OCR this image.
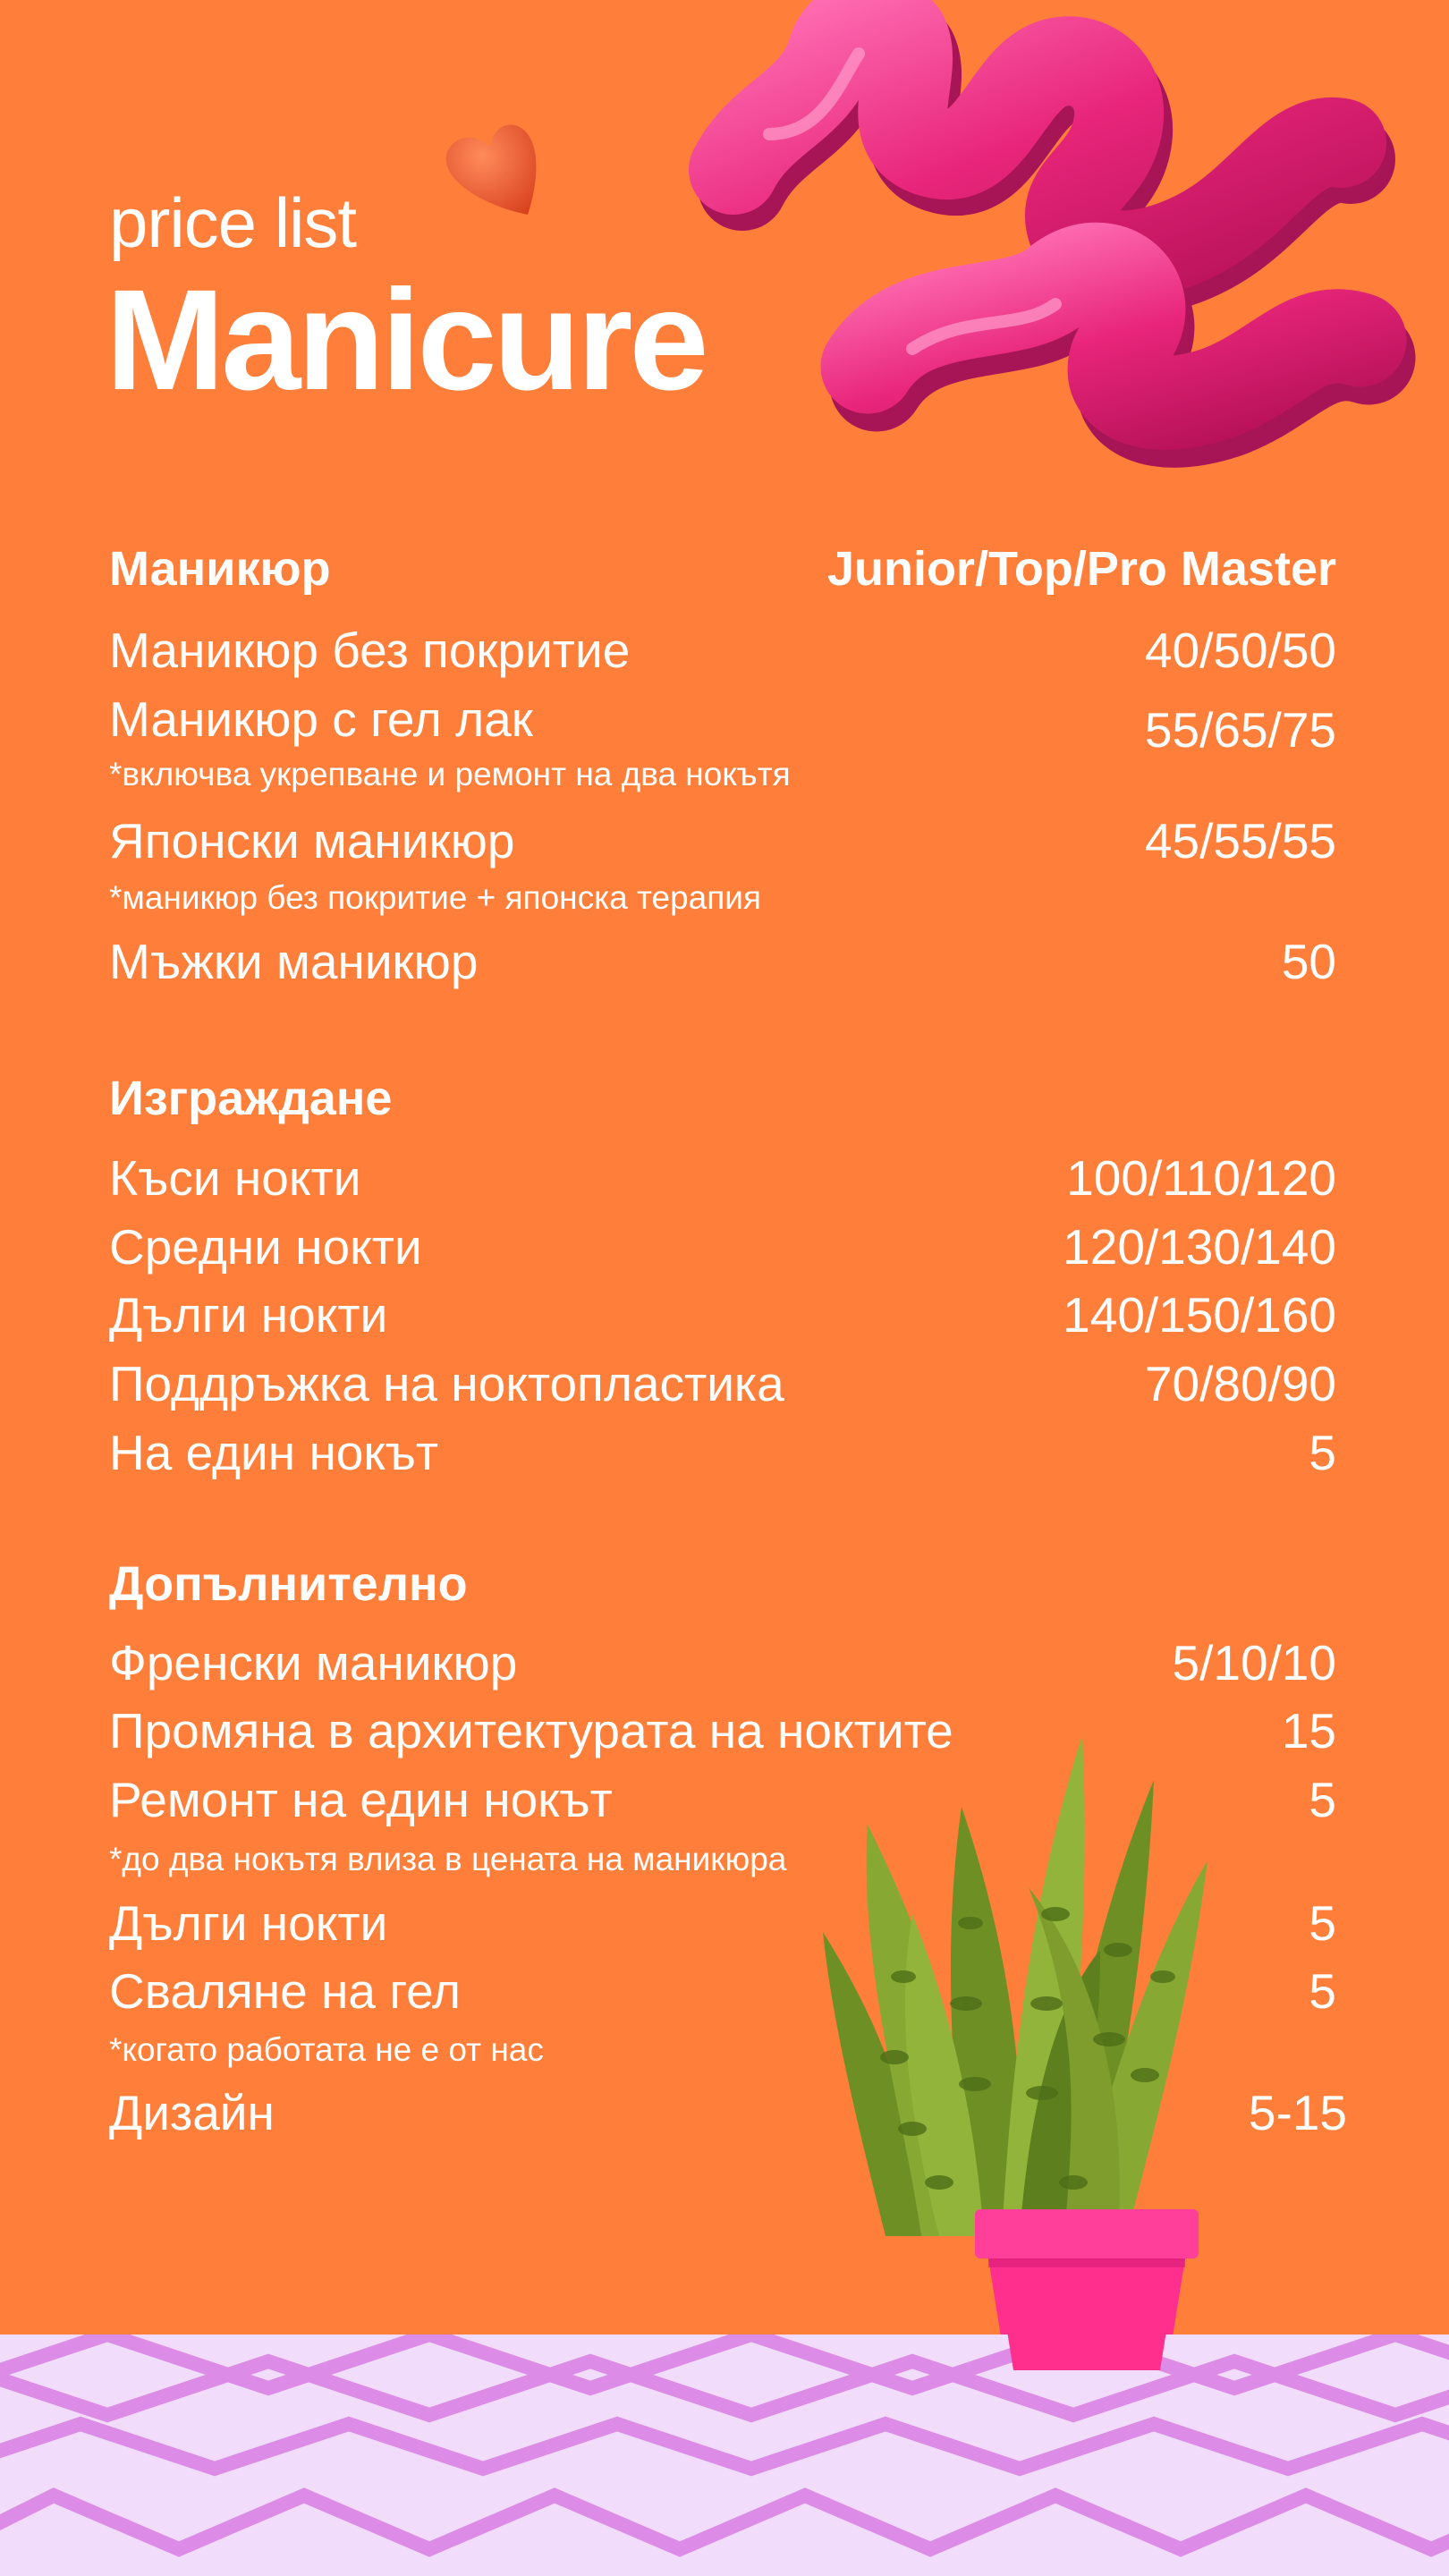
price list
Manicure
Маникюр	Junior/Top/Pro Master
Маникюр без покритие	40/50/50
Маникюр с гел лак	55/65/75
*включва укрепване и ремонт на два нокътя
Японски маникюр	45/55/55
*маникюр без покритие + японска терапия
Мъжки маникюр	50
Изграждане
Къси нокти	100/110/120
Средни нокти	120/130/140
Дълги нокти	140/150/160
Поддръжка на ноктопластика	70/80/90
На един нокът	5
Допълнително
Френски маникюр	5/10/10
Промяна в архитектурата на ноктите	15
Ремонт на един нокът	5
*до два нокътя влиза в цената на маникюра
Дълги нокти	5
Сваляне на гел	5
*когато работата не е от нас
Дизайн	5-15
